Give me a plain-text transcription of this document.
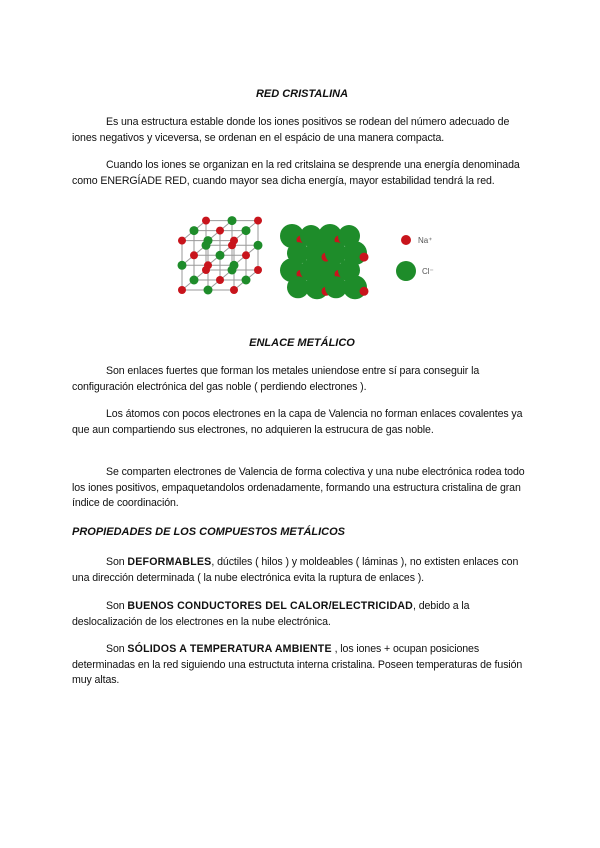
RED CRISTALINA

Es una estructura estable donde los iones positivos se rodean del número adecuado de iones negativos y viceversa, se ordenan en el espácio de una manera compacta.

Cuando los iones se organizan en la red critslaina se desprende una energía denominada como ENERGÍADE RED, cuando mayor sea dicha energía, mayor estabilidad tendrá la red.

Na⁺
Cl⁻

ENLACE METÁLICO

Son enlaces fuertes que forman los metales uniendose entre sí para conseguir la configuración electrónica del gas noble ( perdiendo electrones ).

Los átomos con pocos electrones en la capa de Valencia no forman enlaces covalentes ya que aun compartiendo sus electrones, no adquieren la estrucura de gas noble.

Se comparten electrones de Valencia de forma colectiva y una nube electrónica rodea todo los iones positivos, empaquetandolos ordenadamente, formando una estructura cristalina de gran índice de coordinación.

PROPIEDADES DE LOS COMPUESTOS METÁLICOS

Son DEFORMABLES, dúctiles ( hilos ) y moldeables ( láminas ), no extisten enlaces con una dirección determinada ( la nube electrónica evita la ruptura de enlaces ).

Son BUENOS CONDUCTORES DEL CALOR/ELECTRICIDAD, debido a la deslocalización de los electrones en la nube electrónica.

Son SÓLIDOS A TEMPERATURA AMBIENTE , los iones + ocupan posiciones determinadas en la red siguiendo una estructuta interna cristalina. Poseen temperaturas de fusión muy altas.
